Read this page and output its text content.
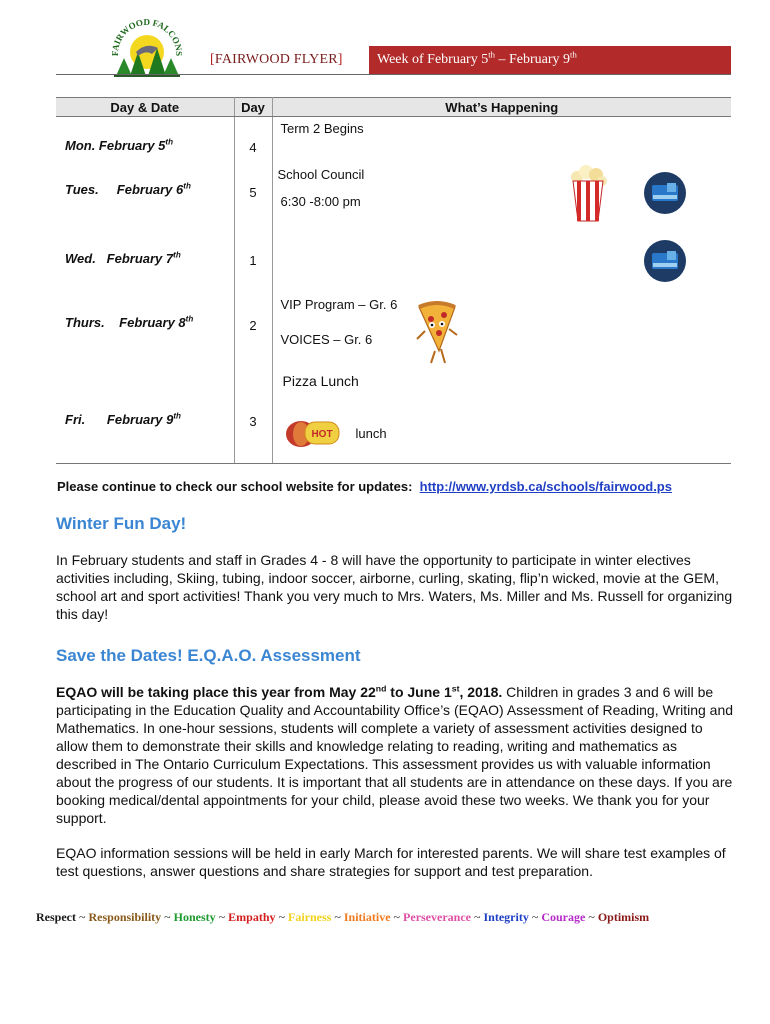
FAIRWOOD FALCONS [FAIRWOOD FLYER]	Week of February 5th – February 9th
Day & Date	Day	What’s Happening

Mon. February 5th	4	Term 2 Begins

Tues.     February 6th	5	School Council
6:30 -8:00 pm

Wed.   February 7th	1

Thurs.    February 8th	2	VIP Program – Gr. 6
VOICES – Gr. 6
Pizza Lunch

Fri.      February 9th	3	HOT lunch
Please continue to check our school website for updates: http://www.yrdsb.ca/schools/fairwood.ps
Winter Fun Day!

In February students and staff in Grades 4 - 8 will have the opportunity to participate in winter electives activities including, Skiing, tubing, indoor soccer, airborne, curling, skating, flip’n wicked, movie at the GEM, school art and sport activities! Thank you very much to Mrs. Waters, Ms. Miller and Ms. Russell for organizing this day!

Save the Dates! E.Q.A.O. Assessment

EQAO will be taking place this year from May 22nd to June 1st, 2018. Children in grades 3 and 6 will be participating in the Education Quality and Accountability Office’s (EQAO) Assessment of Reading, Writing and Mathematics. In one-hour sessions, students will complete a variety of assessment activities designed to allow them to demonstrate their skills and knowledge relating to reading, writing and mathematics as described in The Ontario Curriculum Expectations. This assessment provides us with valuable information about the progress of our students. It is important that all students are in attendance on these days. If you are booking medical/dental appointments for your child, please avoid these two weeks. We thank you for your support.

EQAO information sessions will be held in early March for interested parents. We will share test examples of test questions, answer questions and share strategies for support and test preparation.

Respect ~ Responsibility ~ Honesty ~ Empathy ~ Fairness ~ Initiative ~ Perseverance ~ Integrity ~ Courage ~ Optimism
